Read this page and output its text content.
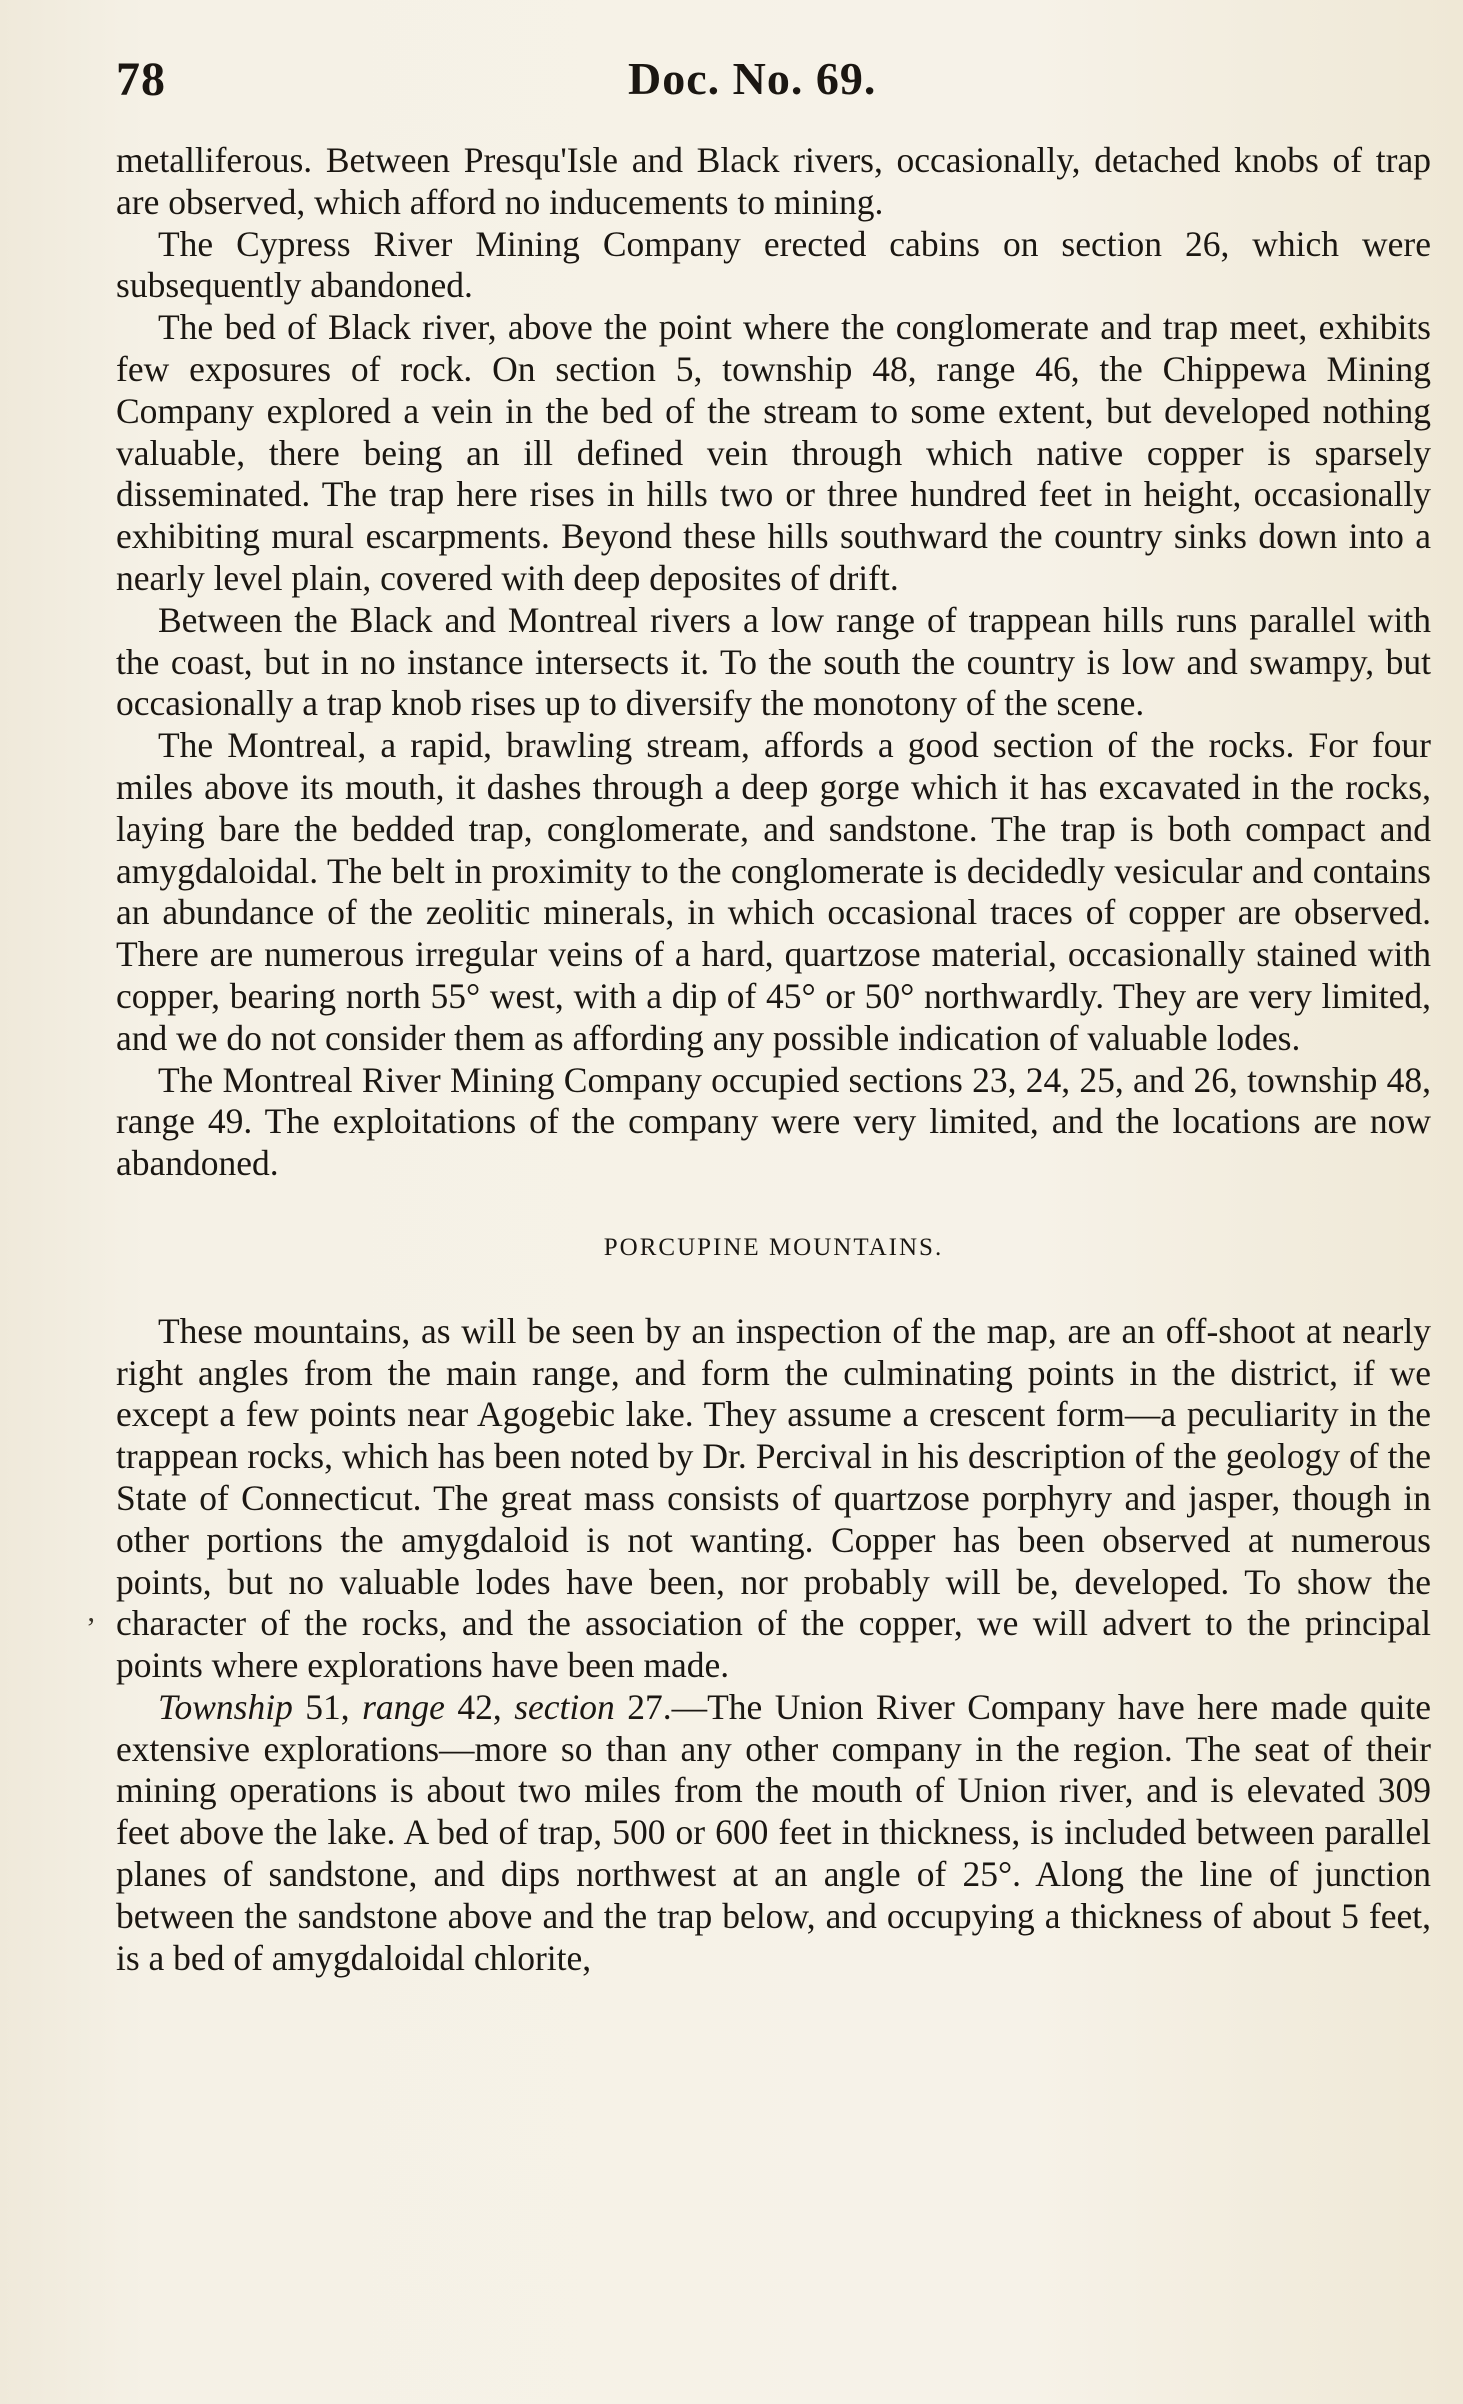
78	Doc. No. 69.
ʼ

metalliferous. Between Presqu'Isle and Black rivers, occasionally, detached knobs of trap are observed, which afford no inducements to mining.

The Cypress River Mining Company erected cabins on section 26, which were subsequently abandoned.

The bed of Black river, above the point where the conglomerate and trap meet, exhibits few exposures of rock. On section 5, township 48, range 46, the Chippewa Mining Company explored a vein in the bed of the stream to some extent, but developed nothing valuable, there being an ill defined vein through which native copper is sparsely disseminated. The trap here rises in hills two or three hundred feet in height, occasionally exhibiting mural escarpments. Beyond these hills southward the country sinks down into a nearly level plain, covered with deep deposites of drift.

Between the Black and Montreal rivers a low range of trappean hills runs parallel with the coast, but in no instance intersects it. To the south the country is low and swampy, but occasionally a trap knob rises up to diversify the monotony of the scene.

The Montreal, a rapid, brawling stream, affords a good section of the rocks. For four miles above its mouth, it dashes through a deep gorge which it has excavated in the rocks, laying bare the bedded trap, conglomerate, and sandstone. The trap is both compact and amygdaloidal. The belt in proximity to the conglomerate is decidedly vesicular and contains an abundance of the zeolitic minerals, in which occasional traces of copper are observed. There are numerous irregular veins of a hard, quartzose material, occasionally stained with copper, bearing north 55° west, with a dip of 45° or 50° northwardly. They are very limited, and we do not consider them as affording any possible indication of valuable lodes.

The Montreal River Mining Company occupied sections 23, 24, 25, and 26, township 48, range 49. The exploitations of the company were very limited, and the locations are now abandoned.

PORCUPINE MOUNTAINS.

These mountains, as will be seen by an inspection of the map, are an off-shoot at nearly right angles from the main range, and form the culminating points in the district, if we except a few points near Agogebic lake. They assume a crescent form—a peculiarity in the trappean rocks, which has been noted by Dr. Percival in his description of the geology of the State of Connecticut. The great mass consists of quartzose porphyry and jasper, though in other portions the amygdaloid is not wanting. Copper has been observed at numerous points, but no valuable lodes have been, nor probably will be, developed. To show the character of the rocks, and the association of the copper, we will advert to the principal points where explorations have been made.

Township 51, range 42, section 27.—The Union River Company have here made quite extensive explorations—more so than any other company in the region. The seat of their mining operations is about two miles from the mouth of Union river, and is elevated 309 feet above the lake. A bed of trap, 500 or 600 feet in thickness, is included between parallel planes of sandstone, and dips northwest at an angle of 25°. Along the line of junction between the sandstone above and the trap below, and occupying a thickness of about 5 feet, is a bed of amygdaloidal chlorite,
